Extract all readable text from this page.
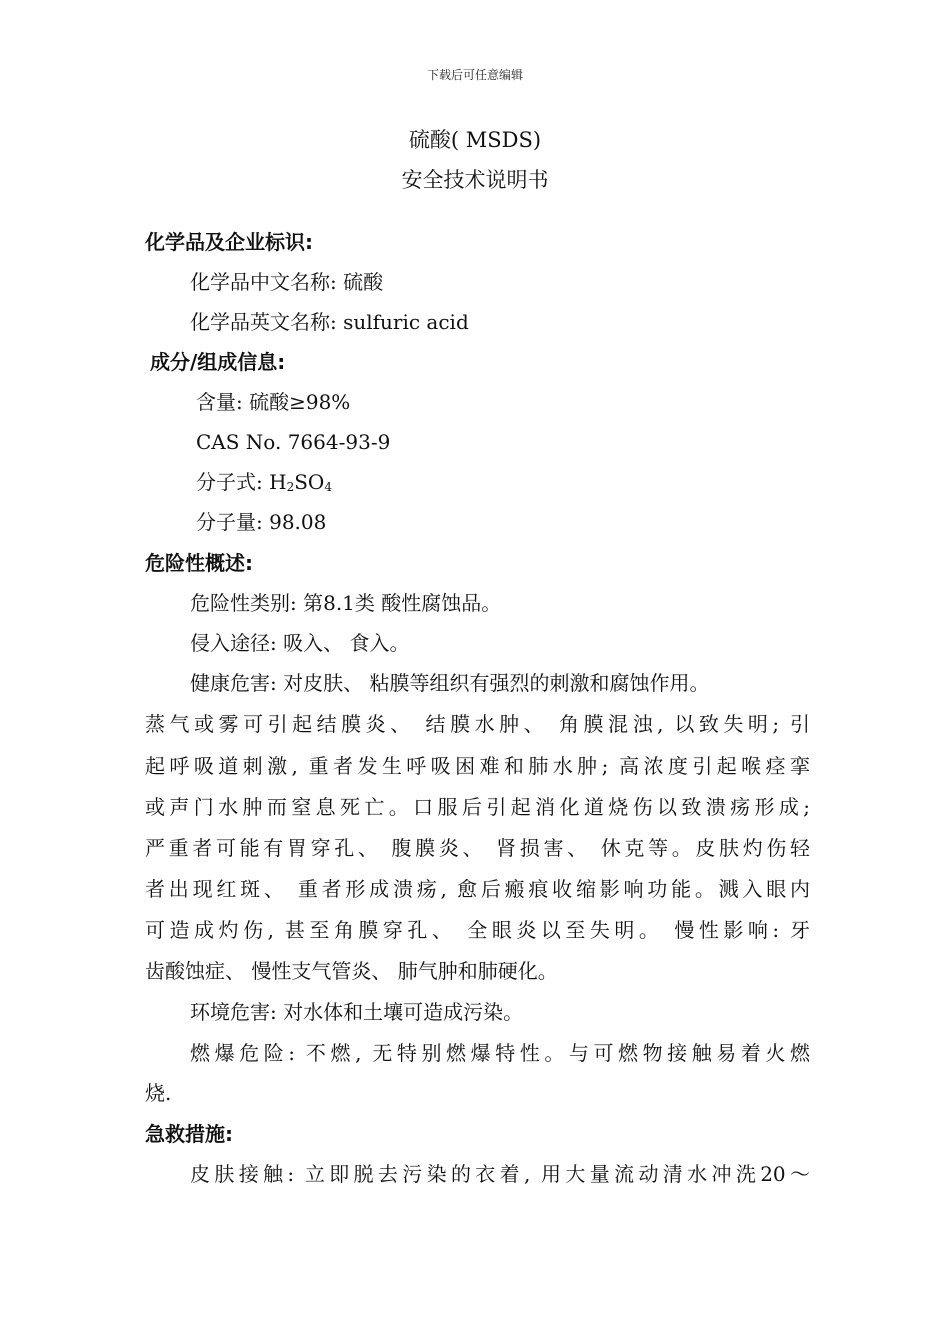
下载后可任意编辑
硫酸( MSDS)
安全技术说明书
化学品及企业标识:
化学品中文名称: 硫酸
化学品英文名称: sulfuric acid
成分/组成信息:
含量: 硫酸≥98%
CAS No. 7664-93-9
分子式: $H_2SO_4$
分子量: 98.08
危险性概述:
危险性类别: 第8.1类 酸性腐蚀品。
侵入途径: 吸入、 食入。
健康危害: 对皮肤、 粘膜等组织有强烈的刺激和腐蚀作用。
蒸气或雾可引起结膜炎、 结膜水肿、 角膜混浊, 以致失明; 引
起呼吸道刺激, 重者发生呼吸困难和肺水肿; 高浓度引起喉痉挛
或声门水肿而窒息死亡。口服后引起消化道烧伤以致溃疡形成;
严重者可能有胃穿孔、 腹膜炎、 肾损害、 休克等。皮肤灼伤轻
者出现红斑、 重者形成溃疡, 愈后瘢痕收缩影响功能。溅入眼内
可造成灼伤, 甚至角膜穿孔、 全眼炎以至失明。 慢性影响: 牙
齿酸蚀症、 慢性支气管炎、 肺气肿和肺硬化。
环境危害: 对水体和土壤可造成污染。
燃爆危险: 不燃, 无特别燃爆特性。与可燃物接触易着火燃
烧.
急救措施:
皮肤接触: 立即脱去污染的衣着, 用大量流动清水冲洗20～
